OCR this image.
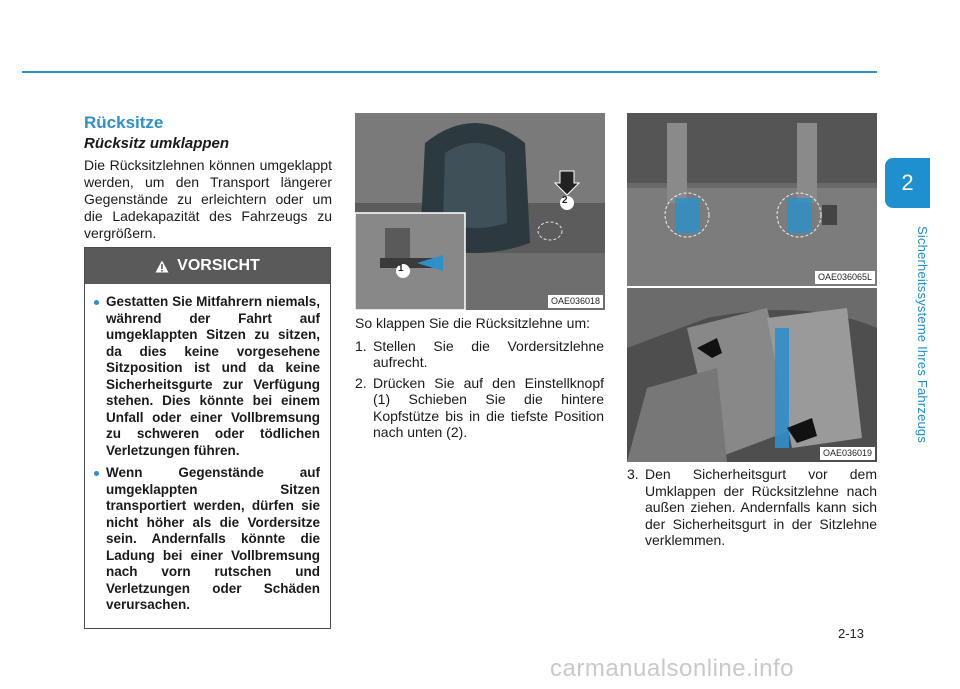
2
Sicherheitssysteme Ihres Fahrzeugs
Rücksitze
Rücksitz umklappen

Die Rücksitzlehnen können umgeklappt werden, um den Transport längerer Gegenstände zu erleichtern oder um die Ladekapazität des Fahrzeugs zu vergrößern.

VORSICHT
Gestatten Sie Mitfahrern niemals, während der Fahrt auf umgeklappten Sitzen zu sitzen, da dies keine vorgesehene Sitzposition ist und da keine Sicherheitsgurte zur Verfügung stehen. Dies könnte bei einem Unfall oder einer Vollbremsung zu schweren oder tödlichen Verletzungen führen.
Wenn Gegenstände auf umgeklappten Sitzen transportiert werden, dürfen sie nicht höher als die Vordersitze sein. Andernfalls könnte die Ladung bei einer Vollbremsung nach vorn rutschen und Verletzungen oder Schäden verursachen.
OAE036018
1
2
OAE036065L
OAE036019

So klappen Sie die Rücksitzlehne um:

1. Stellen Sie die Vordersitzlehne aufrecht.
2. Drücken Sie auf den Einstellknopf (1) Schieben Sie die hintere Kopfstütze bis in die tiefste Position nach unten (2).
3. Den Sicherheitsgurt vor dem Umklappen der Rücksitzlehne nach außen ziehen. Andernfalls kann sich der Sicherheitsgurt in der Sitzlehne verklemmen.
2-13
carmanualsonline.info
